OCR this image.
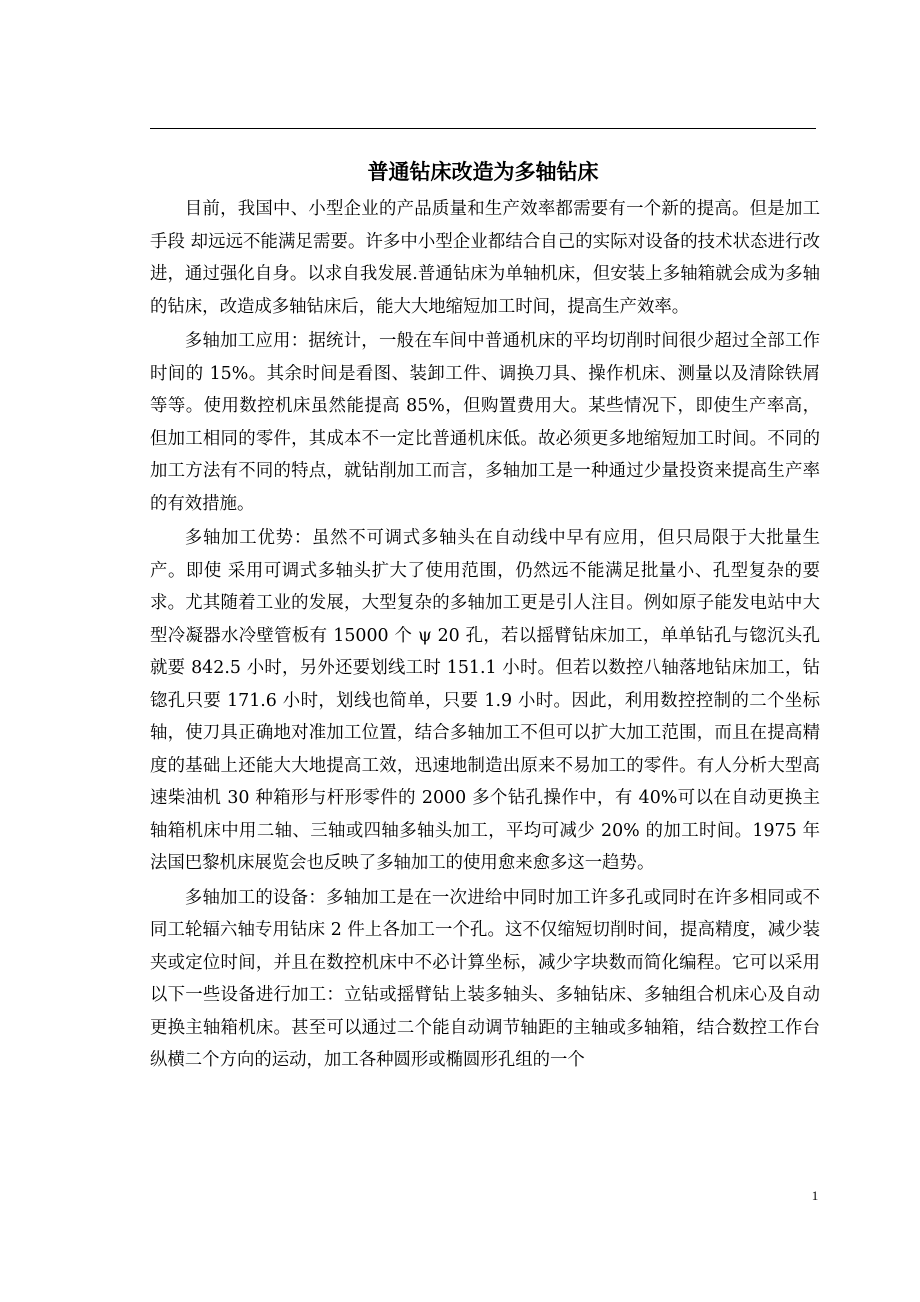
普通钻床改造为多轴钻床

目前，我国中、小型企业的产品质量和生产效率都需要有一个新的提高。但是加工手段 却远远不能满足需要。许多中小型企业都结合自己的实际对设备的技术状态进行改进，通过强化自身。以求自我发展.普通钻床为单轴机床，但安装上多轴箱就会成为多轴的钻床，改造成多轴钻床后，能大大地缩短加工时间，提高生产效率。

多轴加工应用：据统计，一般在车间中普通机床的平均切削时间很少超过全部工作时间的 15%。其余时间是看图、装卸工件、调换刀具、操作机床、测量以及清除铁屑等等。使用数控机床虽然能提高 85%，但购置费用大。某些情况下，即使生产率高，但加工相同的零件，其成本不一定比普通机床低。故必须更多地缩短加工时间。不同的加工方法有不同的特点，就钻削加工而言，多轴加工是一种通过少量投资来提高生产率的有效措施。

多轴加工优势：虽然不可调式多轴头在自动线中早有应用，但只局限于大批量生产。即使 采用可调式多轴头扩大了使用范围，仍然远不能满足批量小、孔型复杂的要求。尤其随着工业的发展，大型复杂的多轴加工更是引人注目。例如原子能发电站中大型冷凝器水冷壁管板有 15000 个 ψ 20 孔，若以摇臂钻床加工，单单钻孔与锪沉头孔就要 842.5 小时，另外还要划线工时 151.1 小时。但若以数控八轴落地钻床加工，钻锪孔只要 171.6 小时，划线也简单，只要 1.9 小时。因此，利用数控控制的二个坐标轴，使刀具正确地对准加工位置，结合多轴加工不但可以扩大加工范围，而且在提高精度的基础上还能大大地提高工效，迅速地制造出原来不易加工的零件。有人分析大型高速柴油机 30 种箱形与杆形零件的 2000 多个钻孔操作中，有 40%可以在自动更换主轴箱机床中用二轴、三轴或四轴多轴头加工，平均可减少 20% 的加工时间。1975 年法国巴黎机床展览会也反映了多轴加工的使用愈来愈多这一趋势。

多轴加工的设备：多轴加工是在一次进给中同时加工许多孔或同时在许多相同或不同工轮辐六轴专用钻床 2 件上各加工一个孔。这不仅缩短切削时间，提高精度，减少装夹或定位时间，并且在数控机床中不必计算坐标，减少字块数而简化编程。它可以采用以下一些设备进行加工：立钻或摇臂钻上装多轴头、多轴钻床、多轴组合机床心及自动更换主轴箱机床。甚至可以通过二个能自动调节轴距的主轴或多轴箱，结合数控工作台纵横二个方向的运动，加工各种圆形或椭圆形孔组的一个

1
